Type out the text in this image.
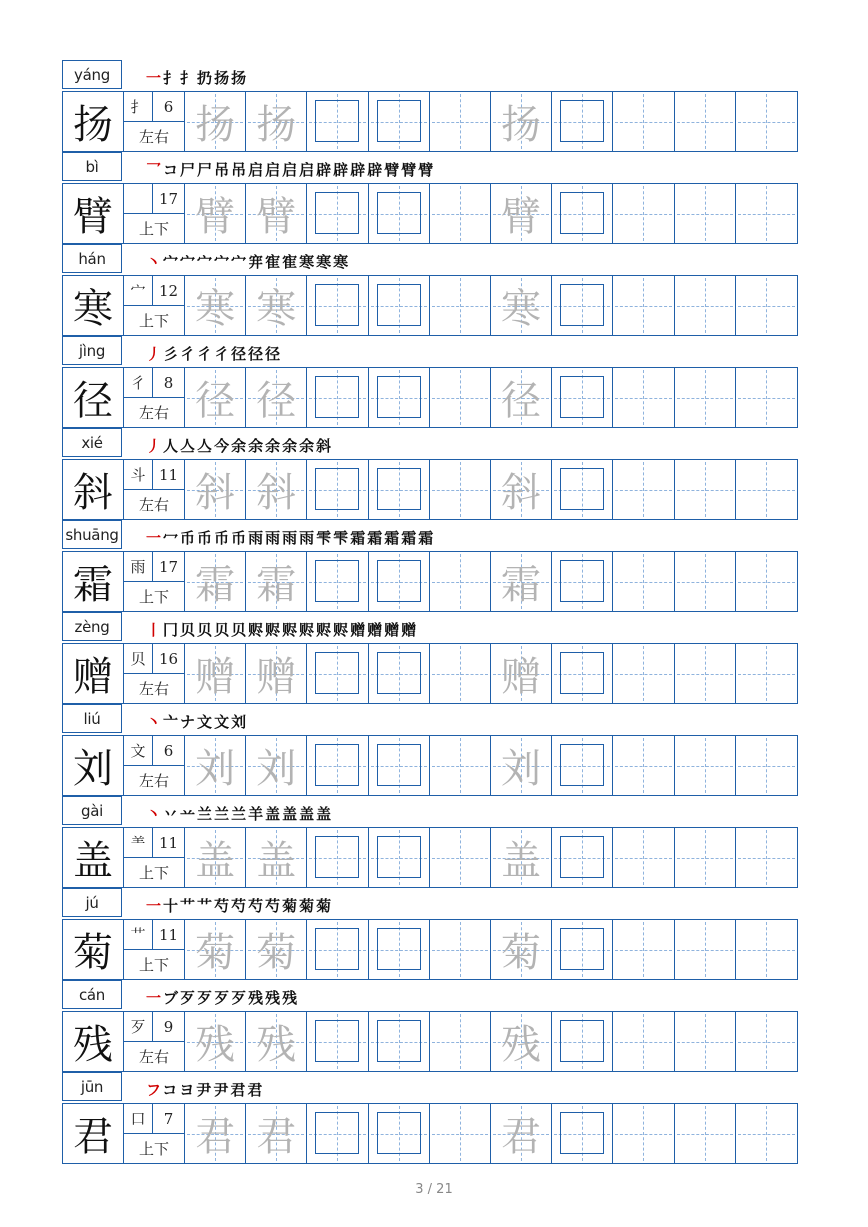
yáng	一扌扌扔扬扬
扬	扌	6
左右 扬 扬	扬
bì	乛コ尸尸吊吊启启启启辟辟辟辟臂臂臂
臂	17
上下 臂 臂	臂
hán	丶宀宀宀宀宀宑寉寉寒寒寒
寒	宀 12
上下 寒 寒	寒
jìng	丿彡彳彳彳径径径
径	彳	8
左右 径 径	径
xié	丿人亼亼今余余余余余斜
斜	斗 11
左右 斜 斜	斜
shuāng 一冖币币币币雨雨雨雨雫雫霜霜霜霜霜
霜	雨 17
上下 霜 霜	霜
zèng	丨冂贝贝贝贝赆赆赆赆赆赆赠赠赠赠
赠	贝 16
左右 赠 赠	赠
liú	丶亠ナ文文刘
刘	文	6
左右 刘 刘	刘
gài	丶丷䒑兰兰兰羊盖盖盖盖
盖	⺷ 11
上下 盖 盖	盖
jú	一十艹艹芍芍芍芍菊菊菊
菊	艹 11
上下 菊 菊	菊
cán	一ブ歹歹歹歹残残残
残	歹	9
左右 残 残	残
jūn	フコヨ尹尹君君
君	口	7
上下 君 君	君
3 / 21
